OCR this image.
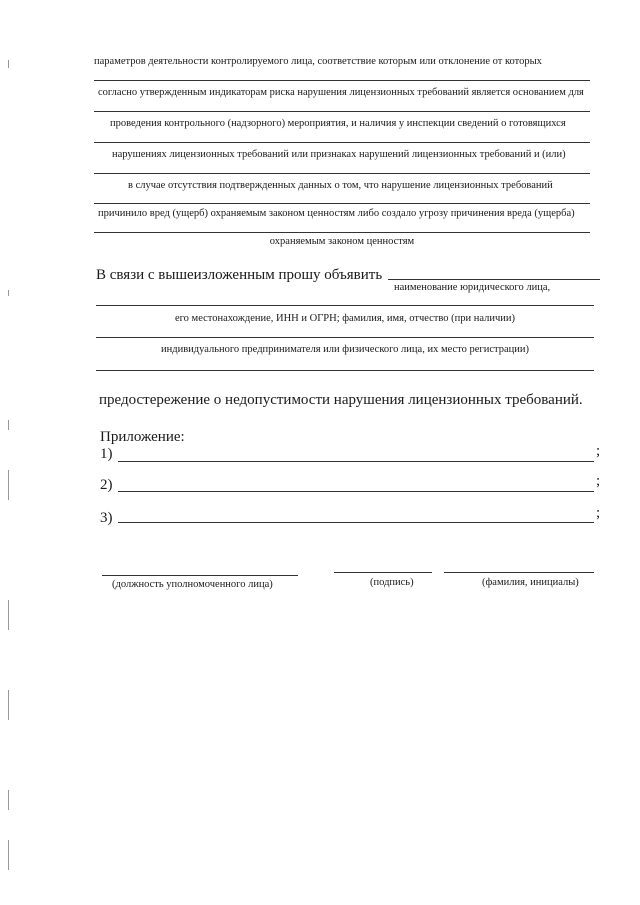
параметров деятельности контролируемого лица, соответствие которым или отклонение от которых
согласно утвержденным индикаторам риска нарушения лицензионных требований является основанием для
проведения контрольного (надзорного) мероприятия, и наличия у инспекции сведений о готовящихся
нарушениях лицензионных требований или признаках нарушений лицензионных требований и (или)
в случае отсутствия подтвержденных данных о том, что нарушение лицензионных требований
причинило вред (ущерб) охраняемым законом ценностям либо создало угрозу причинения вреда (ущерба)
охраняемым законом ценностям
В связи с вышеизложенным прошу объявить
наименование юридического лица,
его местонахождение, ИНН и ОГРН; фамилия, имя, отчество (при наличии)
индивидуального предпринимателя или физического лица, их место регистрации)
предостережение о недопустимости нарушения лицензионных требований.
Приложение:
1)	;
2)	;
3)	;
(должность уполномоченного лица)	(подпись)	(фамилия, инициалы)
